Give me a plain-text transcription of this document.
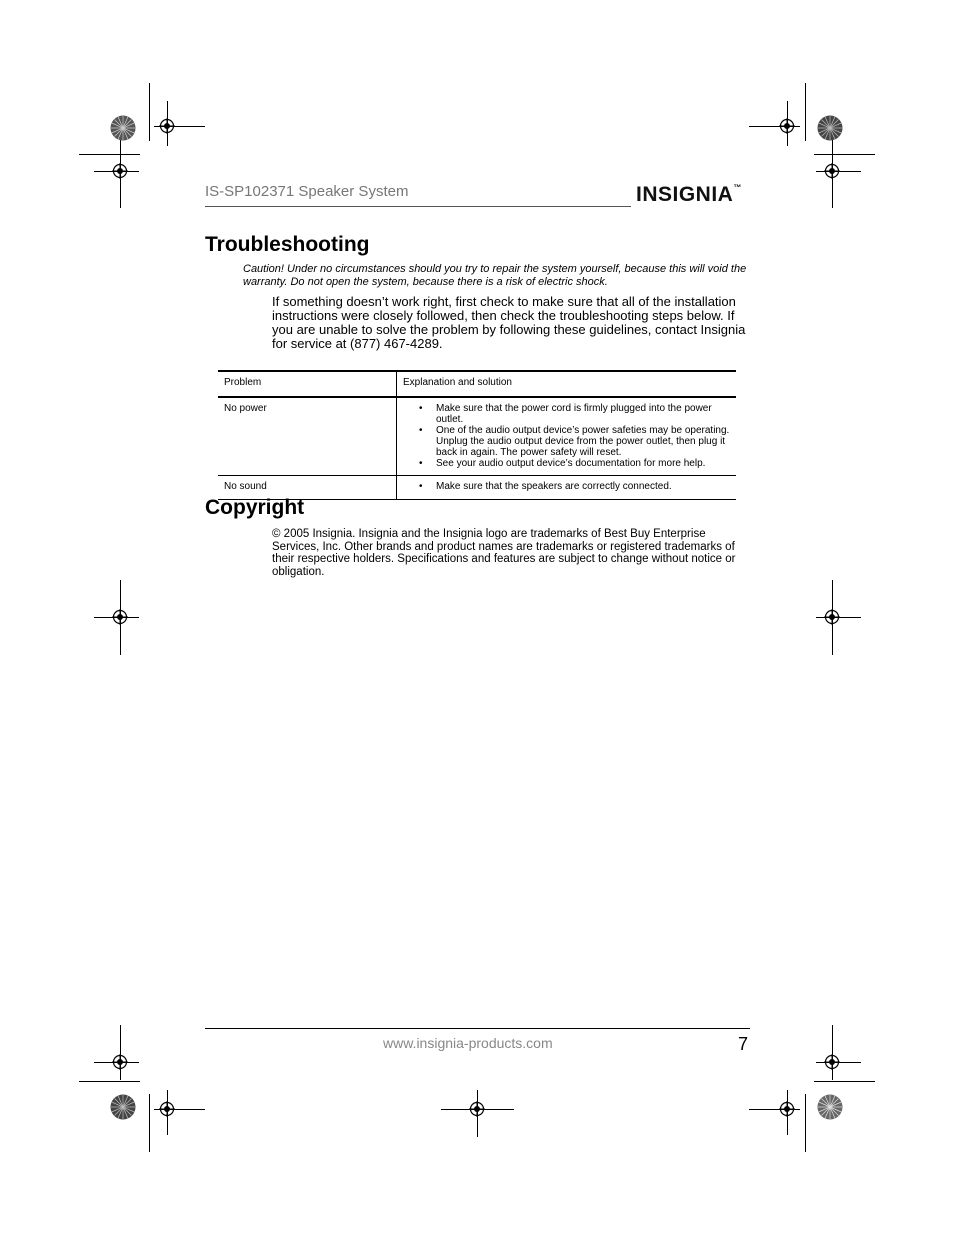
IS-SP102371 Speaker System	INSIGNIA™
Troubleshooting
Caution! Under no circumstances should you try to repair the system yourself, because this will void the warranty. Do not open the system, because there is a risk of electric shock.
If something doesn’t work right, first check to make sure that all of the installation instructions were closely followed, then check the troubleshooting steps below. If you are unable to solve the problem by following these guidelines, contact Insignia for service at (877) 467-4289.
Problem	Explanation and solution
No power	• Make sure that the power cord is firmly plugged into the power outlet.
• One of the audio output device’s power safeties may be operating. Unplug the audio output device from the power outlet, then plug it back in again. The power safety will reset.
• See your audio output device’s documentation for more help.
No sound	• Make sure that the speakers are correctly connected.
Copyright
© 2005 Insignia. Insignia and the Insignia logo are trademarks of Best Buy Enterprise Services, Inc. Other brands and product names are trademarks or registered trademarks of their respective holders. Specifications and features are subject to change without notice or obligation.
www.insignia-products.com	7
